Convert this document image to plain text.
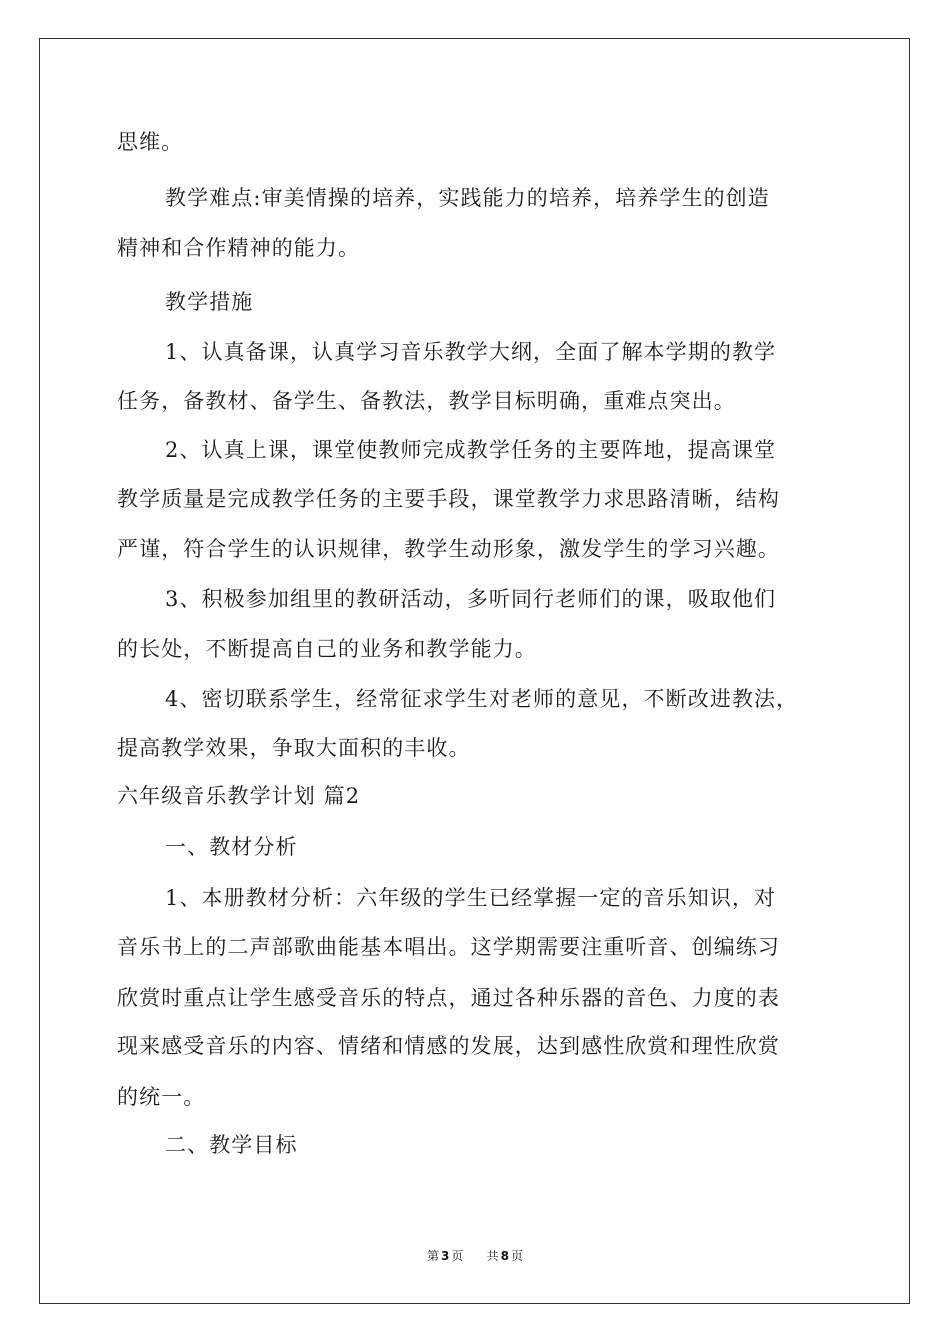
思维。
教学难点:审美情操的培养，实践能力的培养，培养学生的创造
精神和合作精神的能力。
教学措施
1、认真备课，认真学习音乐教学大纲，全面了解本学期的教学
任务，备教材、备学生、备教法，教学目标明确，重难点突出。
2、认真上课，课堂使教师完成教学任务的主要阵地，提高课堂
教学质量是完成教学任务的主要手段，课堂教学力求思路清晰，结构
严谨，符合学生的认识规律，教学生动形象，激发学生的学习兴趣。
3、积极参加组里的教研活动，多听同行老师们的课，吸取他们
的长处，不断提高自己的业务和教学能力。
4、密切联系学生，经常征求学生对老师的意见，不断改进教法，
提高教学效果，争取大面积的丰收。
六年级音乐教学计划 篇2
一、教材分析
1、本册教材分析：六年级的学生已经掌握一定的音乐知识，对
音乐书上的二声部歌曲能基本唱出。这学期需要注重听音、创编练习
欣赏时重点让学生感受音乐的特点，通过各种乐器的音色、力度的表
现来感受音乐的内容、情绪和情感的发展，达到感性欣赏和理性欣赏
的统一。
二、教学目标
第 3 页 共 8 页
